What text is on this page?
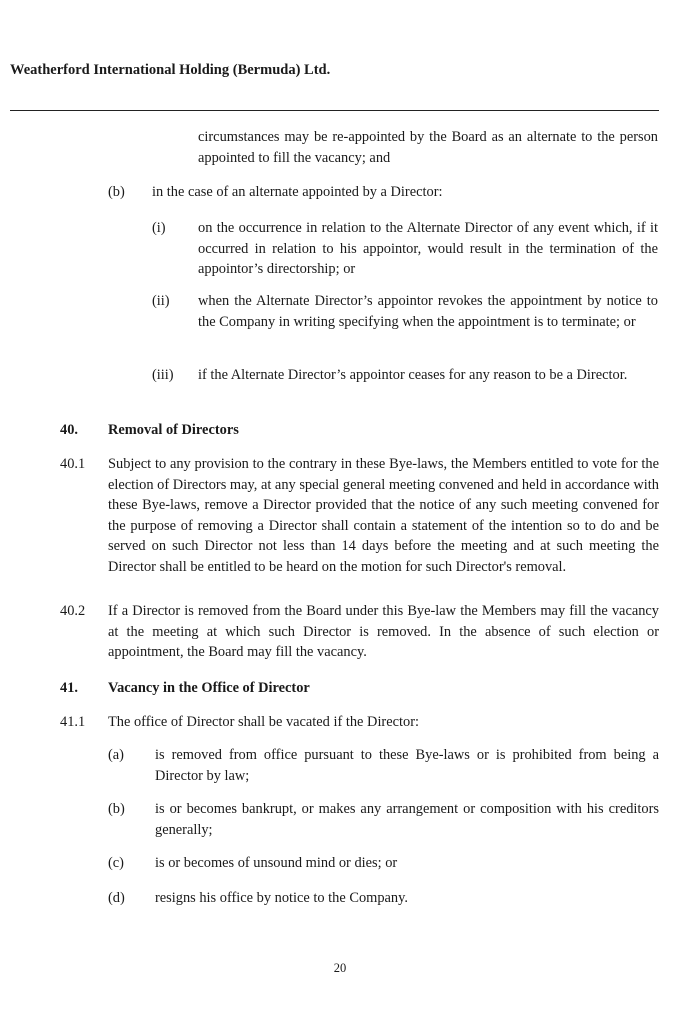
Weatherford International Holding (Bermuda) Ltd.
circumstances may be re-appointed by the Board as an alternate to the person appointed to fill the vacancy; and
(b) in the case of an alternate appointed by a Director:
(i) on the occurrence in relation to the Alternate Director of any event which, if it occurred in relation to his appointor, would result in the termination of the appointor’s directorship; or
(ii) when the Alternate Director’s appointor revokes the appointment by notice to the Company in writing specifying when the appointment is to terminate; or
(iii) if the Alternate Director’s appointor ceases for any reason to be a Director.
40. Removal of Directors
40.1 Subject to any provision to the contrary in these Bye-laws, the Members entitled to vote for the election of Directors may, at any special general meeting convened and held in accordance with these Bye-laws, remove a Director provided that the notice of any such meeting convened for the purpose of removing a Director shall contain a statement of the intention so to do and be served on such Director not less than 14 days before the meeting and at such meeting the Director shall be entitled to be heard on the motion for such Director's removal.
40.2 If a Director is removed from the Board under this Bye-law the Members may fill the vacancy at the meeting at which such Director is removed. In the absence of such election or appointment, the Board may fill the vacancy.
41. Vacancy in the Office of Director
41.1 The office of Director shall be vacated if the Director:
(a) is removed from office pursuant to these Bye-laws or is prohibited from being a Director by law;
(b) is or becomes bankrupt, or makes any arrangement or composition with his creditors generally;
(c) is or becomes of unsound mind or dies; or
(d) resigns his office by notice to the Company.
20
